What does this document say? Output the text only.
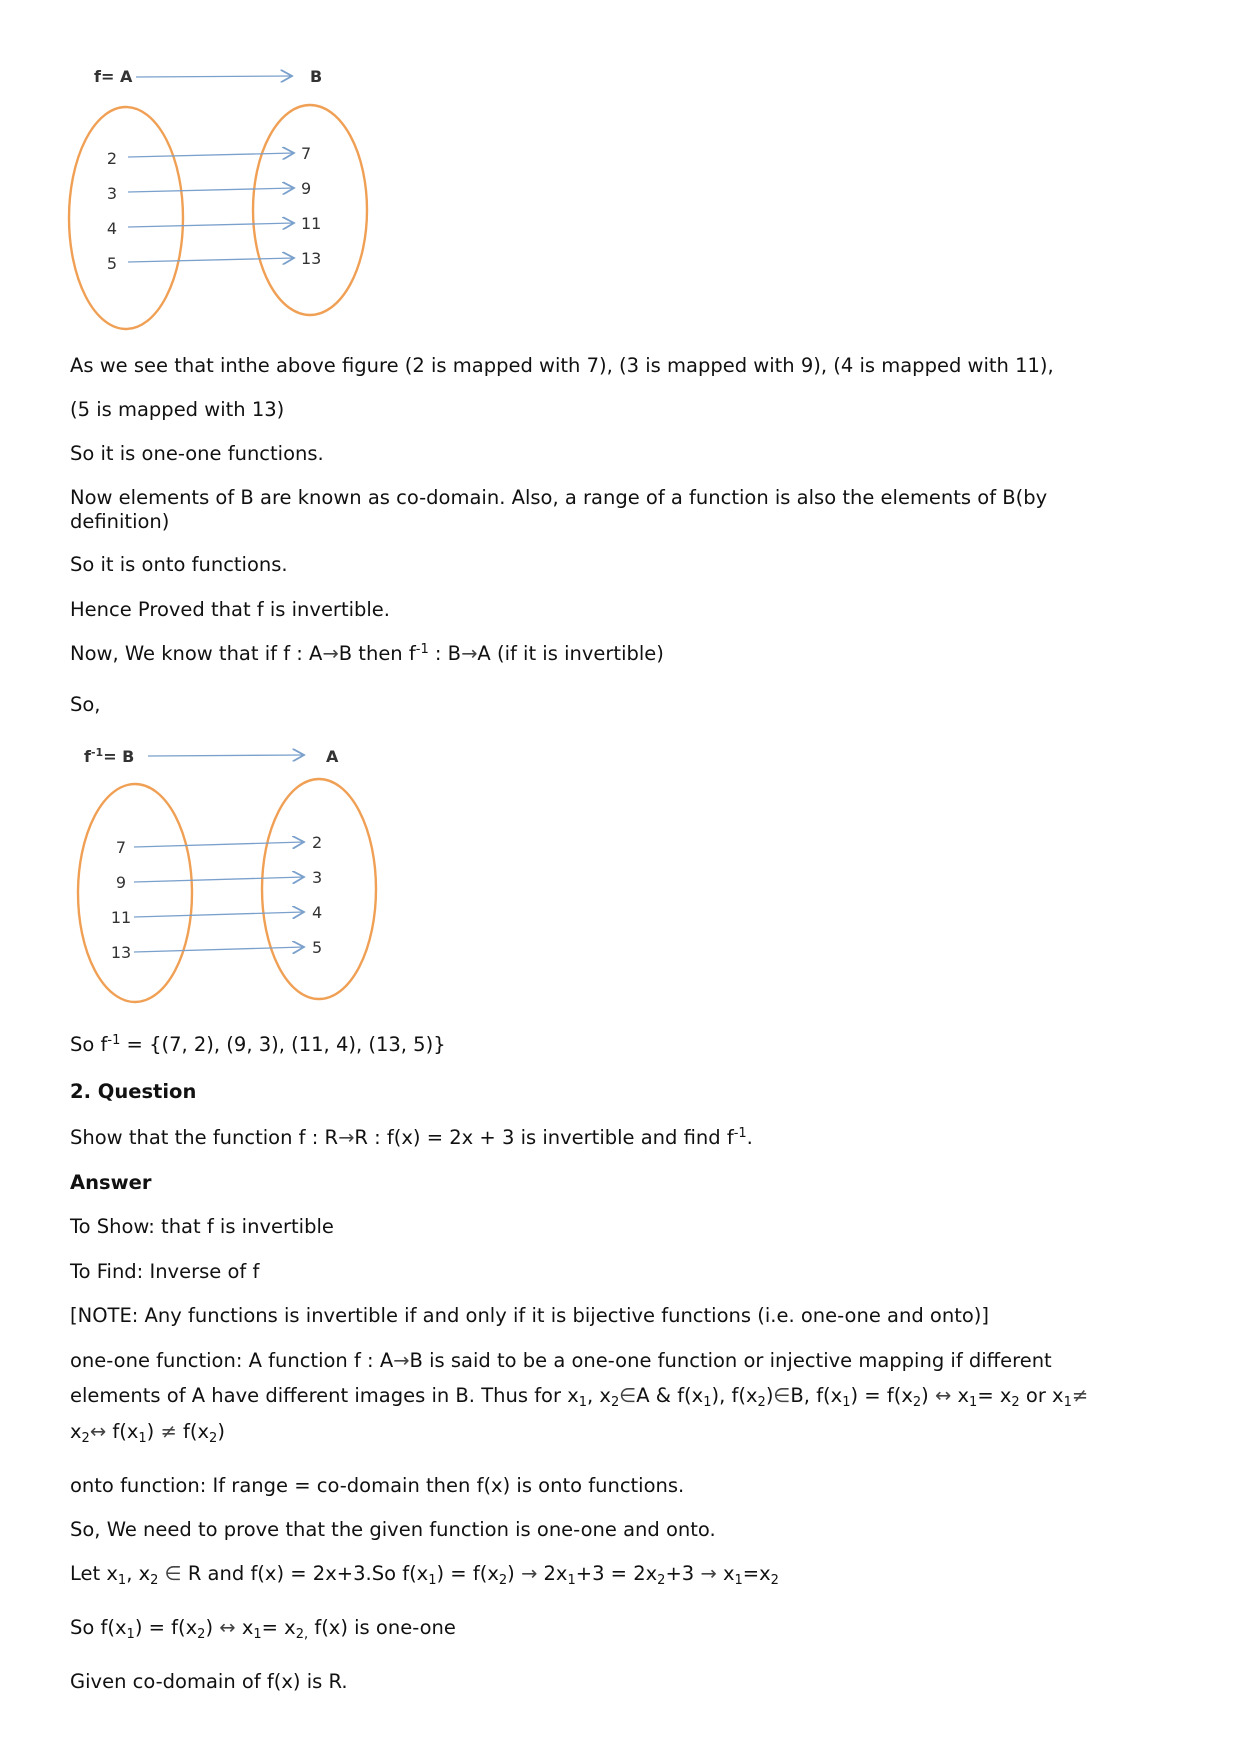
f= A	B
2
3
4
5
7
9
11
13
As we see that inthe above figure (2 is mapped with 7), (3 is mapped with 9), (4 is mapped with 11),
(5 is mapped with 13)
So it is one-one functions.
Now elements of B are known as co-domain. Also, a range of a function is also the elements of B(by definition)
So it is onto functions.
Hence Proved that f is invertible.
Now, We know that if f : A→B then $f^{-1}$ : B→A (if it is invertible)
So,
$f^{-1}= B$	A
7
9
11
13
2
3
4
5
So $f^{-1} = \{(7$, 2), (9, 3), (11, 4), (13, 5)}
2. Question
Show that the function f : R→R : f(x) = 2x + 3 is invertible and find $f^{-1}$.
Answer
To Show: that f is invertible
To Find: Inverse of f
[NOTE: Any functions is invertible if and only if it is bijective functions (i.e. one-one and onto)]
one-one function: A function f : A→B is said to be a one-one function or injective mapping if different
elements of A have different images in B. Thus for $x_1$, $x_2\in A$ & $f(x_1)$, $f(x_2)\in B$, $f(x_1) = f(x_2)$ ↔ $x_1= x_2$ or $x_1\ne$
$x_2\leftrightarrow$ $f(x_1) \ne f(x_2)$
onto function: If range = co-domain then f(x) is onto functions.
So, We need to prove that the given function is one-one and onto.
Let $x_1$, $x_2$ ∈ R and f(x) = 2x+3.So $f(x_1) = f(x_2) \to 2x_1+3 = 2x_2+3 \to x_1=x_2$
So $f(x_1) = f(x_2)$ ↔ $x_1= x_{2,}$ f(x) is one-one
Given co-domain of f(x) is R.
